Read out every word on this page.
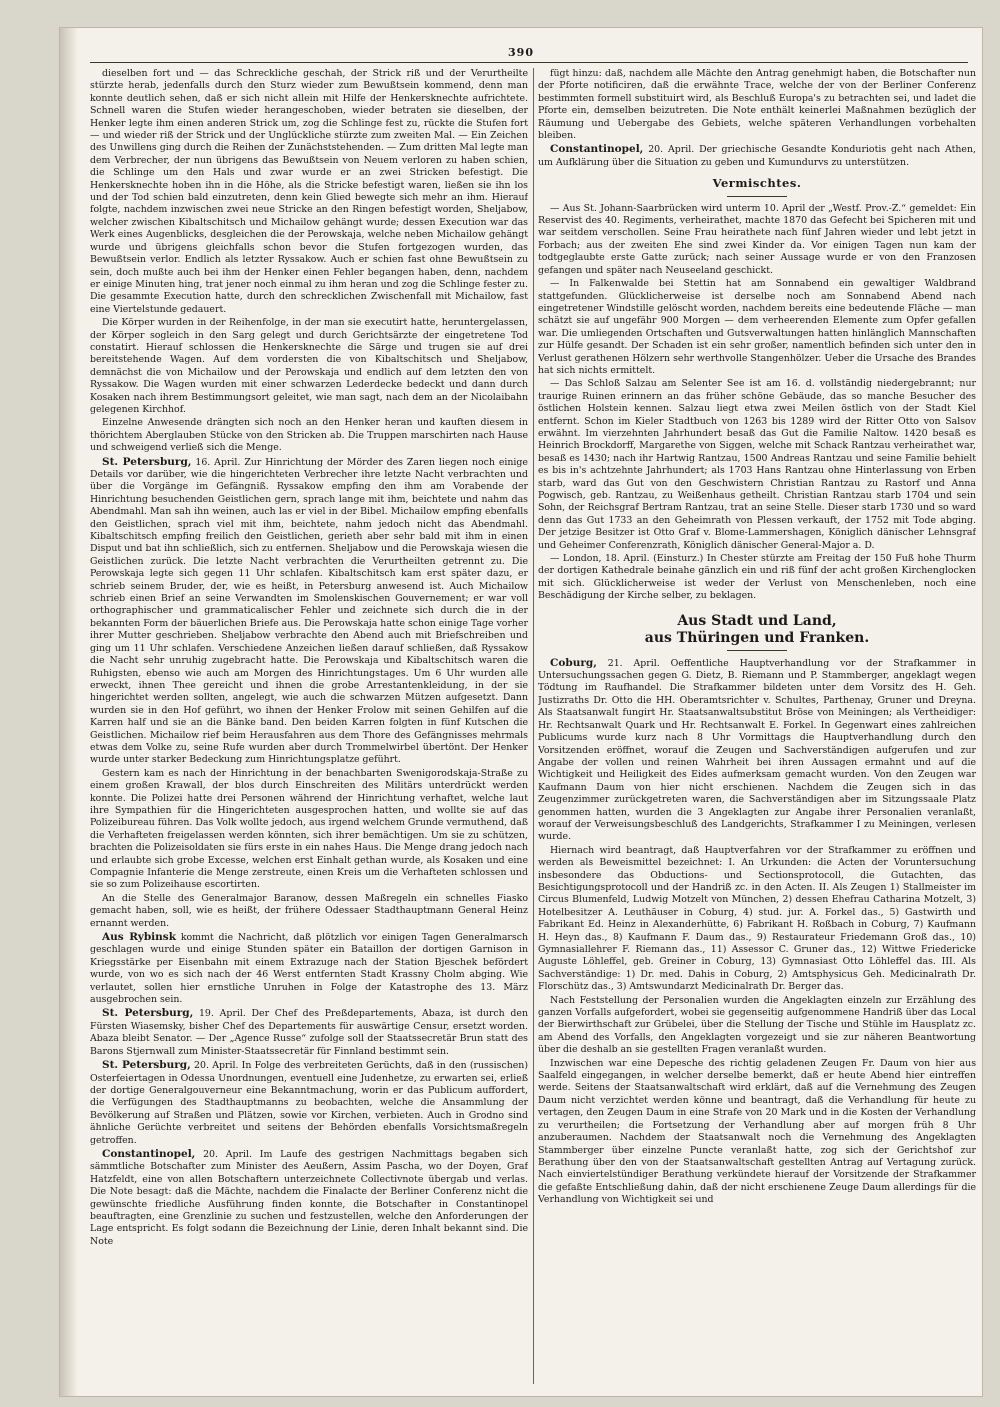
390

dieselben fort und — das Schreckliche geschah, der Strick riß und der Verurtheilte stürzte herab, jedenfalls durch den Sturz wieder zum Bewußtsein kommend, denn man konnte deutlich sehen, daß er sich nicht allein mit Hilfe der Henkersknechte aufrichtete. Schnell waren die Stufen wieder herangeschoben, wieder betraten sie dieselben, der Henker legte ihm einen anderen Strick um, zog die Schlinge fest zu, rückte die Stufen fort — und wieder riß der Strick und der Unglückliche stürzte zum zweiten Mal. — Ein Zeichen des Unwillens ging durch die Reihen der Zunächststehenden. — Zum dritten Mal legte man dem Verbrecher, der nun übrigens das Bewußtsein von Neuem verloren zu haben schien, die Schlinge um den Hals und zwar wurde er an zwei Stricken befestigt. Die Henkersknechte hoben ihn in die Höhe, als die Stricke befestigt waren, ließen sie ihn los und der Tod schien bald einzutreten, denn kein Glied bewegte sich mehr an ihm. Hierauf folgte, nachdem inzwischen zwei neue Stricke an den Ringen befestigt worden, Sheljabow, welcher zwischen Kibaltschitsch und Michailow gehängt wurde; dessen Execution war das Werk eines Augenblicks, desgleichen die der Perowskaja, welche neben Michailow gehängt wurde und übrigens gleichfalls schon bevor die Stufen fortgezogen wurden, das Bewußtsein verlor. Endlich als letzter Ryssakow. Auch er schien fast ohne Bewußtsein zu sein, doch mußte auch bei ihm der Henker einen Fehler begangen haben, denn, nachdem er einige Minuten hing, trat jener noch einmal zu ihm heran und zog die Schlinge fester zu. Die gesammte Execution hatte, durch den schrecklichen Zwischenfall mit Michailow, fast eine Viertelstunde gedauert.

Die Körper wurden in der Reihenfolge, in der man sie executirt hatte, heruntergelassen, der Körper sogleich in den Sarg gelegt und durch Gerichtsärzte der eingetretene Tod constatirt. Hierauf schlossen die Henkersknechte die Särge und trugen sie auf drei bereitstehende Wagen. Auf dem vordersten die von Kibaltschitsch und Sheljabow, demnächst die von Michailow und der Perowskaja und endlich auf dem letzten den von Ryssakow. Die Wagen wurden mit einer schwarzen Lederdecke bedeckt und dann durch Kosaken nach ihrem Bestimmungsort geleitet, wie man sagt, nach dem an der Nicolaibahn gelegenen Kirchhof.

Einzelne Anwesende drängten sich noch an den Henker heran und kauften diesem in thörichtem Aberglauben Stücke von den Stricken ab. Die Truppen marschirten nach Hause und schweigend verließ sich die Menge.

St. Petersburg, 16. April. Zur Hinrichtung der Mörder des Zaren liegen noch einige Details vor darüber, wie die hingerichteten Verbrecher ihre letzte Nacht verbrachten und über die Vorgänge im Gefängniß. Ryssakow empfing den ihm am Vorabende der Hinrichtung besuchenden Geistlichen gern, sprach lange mit ihm, beichtete und nahm das Abendmahl. Man sah ihn weinen, auch las er viel in der Bibel. Michailow empfing ebenfalls den Geistlichen, sprach viel mit ihm, beichtete, nahm jedoch nicht das Abendmahl. Kibaltschitsch empfing freilich den Geistlichen, gerieth aber sehr bald mit ihm in einen Disput und bat ihn schließlich, sich zu entfernen. Sheljabow und die Perowskaja wiesen die Geistlichen zurück. Die letzte Nacht verbrachten die Verurtheilten getrennt zu. Die Perowskaja legte sich gegen 11 Uhr schlafen. Kibaltschitsch kam erst später dazu, er schrieb seinem Bruder, der, wie es heißt, in Petersburg anwesend ist. Auch Michailow schrieb einen Brief an seine Verwandten im Smolenskischen Gouvernement; er war voll orthographischer und grammaticalischer Fehler und zeichnete sich durch die in der bekannten Form der bäuerlichen Briefe aus. Die Perowskaja hatte schon einige Tage vorher ihrer Mutter geschrieben. Sheljabow verbrachte den Abend auch mit Briefschreiben und ging um 11 Uhr schlafen. Verschiedene Anzeichen ließen darauf schließen, daß Ryssakow die Nacht sehr unruhig zugebracht hatte. Die Perowskaja und Kibaltschitsch waren die Ruhigsten, ebenso wie auch am Morgen des Hinrichtungstages. Um 6 Uhr wurden alle erweckt, ihnen Thee gereicht und ihnen die grobe Arrestantenkleidung, in der sie hingerichtet werden sollten, angelegt, wie auch die schwarzen Mützen aufgesetzt. Dann wurden sie in den Hof geführt, wo ihnen der Henker Frolow mit seinen Gehilfen auf die Karren half und sie an die Bänke band. Den beiden Karren folgten in fünf Kutschen die Geistlichen. Michailow rief beim Herausfahren aus dem Thore des Gefängnisses mehrmals etwas dem Volke zu, seine Rufe wurden aber durch Trommelwirbel übertönt. Der Henker wurde unter starker Bedeckung zum Hinrichtungsplatze geführt.

Gestern kam es nach der Hinrichtung in der benachbarten Swenigorodskaja-Straße zu einem großen Krawall, der blos durch Einschreiten des Militärs unterdrückt werden konnte. Die Polizei hatte drei Personen während der Hinrichtung verhaftet, welche laut ihre Sympathien für die Hingerichteten ausgesprochen hatten, und wollte sie auf das Polizeibureau führen. Das Volk wollte jedoch, aus irgend welchem Grunde vermuthend, daß die Verhafteten freigelassen werden könnten, sich ihrer bemächtigen. Um sie zu schützen, brachten die Polizeisoldaten sie fürs erste in ein nahes Haus. Die Menge drang jedoch nach und erlaubte sich grobe Excesse, welchen erst Einhalt gethan wurde, als Kosaken und eine Compagnie Infanterie die Menge zerstreute, einen Kreis um die Verhafteten schlossen und sie so zum Polizeihause escortirten.

An die Stelle des Generalmajor Baranow, dessen Maßregeln ein schnelles Fiasko gemacht haben, soll, wie es heißt, der frühere Odessaer Stadthauptmann General Heinz ernannt werden.

Aus Rybinsk kommt die Nachricht, daß plötzlich vor einigen Tagen Generalmarsch geschlagen wurde und einige Stunden später ein Bataillon der dortigen Garnison in Kriegsstärke per Eisenbahn mit einem Extrazuge nach der Station Bjeschek befördert wurde, von wo es sich nach der 46 Werst entfernten Stadt Krassny Cholm abging. Wie verlautet, sollen hier ernstliche Unruhen in Folge der Katastrophe des 13. März ausgebrochen sein.

St. Petersburg, 19. April. Der Chef des Preßdepartements, Abaza, ist durch den Fürsten Wiasemsky, bisher Chef des Departements für auswärtige Censur, ersetzt worden. Abaza bleibt Senator. — Der „Agence Russe“ zufolge soll der Staatssecretär Brun statt des Barons Stjernwall zum Minister-Staatssecretär für Finnland bestimmt sein.

St. Petersburg, 20. April. In Folge des verbreiteten Gerüchts, daß in den (russischen) Osterfeiertagen in Odessa Unordnungen, eventuell eine Judenhetze, zu erwarten sei, erließ der dortige Generalgouverneur eine Bekanntmachung, worin er das Publicum auffordert, die Verfügungen des Stadthauptmanns zu beobachten, welche die Ansammlung der Bevölkerung auf Straßen und Plätzen, sowie vor Kirchen, verbieten. Auch in Grodno sind ähnliche Gerüchte verbreitet und seitens der Behörden ebenfalls Vorsichtsmaßregeln getroffen.

Constantinopel, 20. April. Im Laufe des gestrigen Nachmittags begaben sich sämmtliche Botschafter zum Minister des Aeußern, Assim Pascha, wo der Doyen, Graf Hatzfeldt, eine von allen Botschaftern unterzeichnete Collectivnote übergab und verlas. Die Note besagt: daß die Mächte, nachdem die Finalacte der Berliner Conferenz nicht die gewünschte friedliche Ausführung finden konnte, die Botschafter in Constantinopel beauftragten, eine Grenzlinie zu suchen und festzustellen, welche den Anforderungen der Lage entspricht. Es folgt sodann die Bezeichnung der Linie, deren Inhalt bekannt sind. Die Note

fügt hinzu: daß, nachdem alle Mächte den Antrag genehmigt haben, die Botschafter nun der Pforte notificiren, daß die erwähnte Trace, welche der von der Berliner Conferenz bestimmten formell substituirt wird, als Beschluß Europa's zu betrachten sei, und ladet die Pforte ein, demselben beizutreten. Die Note enthält keinerlei Maßnahmen bezüglich der Räumung und Uebergabe des Gebiets, welche späteren Verhandlungen vorbehalten bleiben.

Constantinopel, 20. April. Der griechische Gesandte Konduriotis geht nach Athen, um Aufklärung über die Situation zu geben und Kumundurvs zu unterstützen.

Vermischtes.

— Aus St. Johann-Saarbrücken wird unterm 10. April der „Westf. Prov.-Z.“ gemeldet: Ein Reservist des 40. Regiments, verheirathet, machte 1870 das Gefecht bei Spicheren mit und war seitdem verschollen. Seine Frau heirathete nach fünf Jahren wieder und lebt jetzt in Forbach; aus der zweiten Ehe sind zwei Kinder da. Vor einigen Tagen nun kam der todtgeglaubte erste Gatte zurück; nach seiner Aussage wurde er von den Franzosen gefangen und später nach Neuseeland geschickt.

— In Falkenwalde bei Stettin hat am Sonnabend ein gewaltiger Waldbrand stattgefunden. Glücklicherweise ist derselbe noch am Sonnabend Abend nach eingetretener Windstille gelöscht worden, nachdem bereits eine bedeutende Fläche — man schätzt sie auf ungefähr 900 Morgen — dem verheerenden Elemente zum Opfer gefallen war. Die umliegenden Ortschaften und Gutsverwaltungen hatten hinlänglich Mannschaften zur Hülfe gesandt. Der Schaden ist ein sehr großer, namentlich befinden sich unter den in Verlust gerathenen Hölzern sehr werthvolle Stangenhölzer. Ueber die Ursache des Brandes hat sich nichts ermittelt.

— Das Schloß Salzau am Selenter See ist am 16. d. vollständig niedergebrannt; nur traurige Ruinen erinnern an das früher schöne Gebäude, das so manche Besucher des östlichen Holstein kennen. Salzau liegt etwa zwei Meilen östlich von der Stadt Kiel entfernt. Schon im Kieler Stadtbuch von 1263 bis 1289 wird der Ritter Otto von Salsov erwähnt. Im vierzehnten Jahrhundert besaß das Gut die Familie Naltow. 1420 besaß es Heinrich Brockdorff, Margarethe von Siggen, welche mit Schack Rantzau verheirathet war, besaß es 1430; nach ihr Hartwig Rantzau, 1500 Andreas Rantzau und seine Familie behielt es bis in's achtzehnte Jahrhundert; als 1703 Hans Rantzau ohne Hinterlassung von Erben starb, ward das Gut von den Geschwistern Christian Rantzau zu Rastorf und Anna Pogwisch, geb. Rantzau, zu Weißenhaus getheilt. Christian Rantzau starb 1704 und sein Sohn, der Reichsgraf Bertram Rantzau, trat an seine Stelle. Dieser starb 1730 und so ward denn das Gut 1733 an den Geheimrath von Plessen verkauft, der 1752 mit Tode abging. Der jetzige Besitzer ist Otto Graf v. Blome-Lammershagen, Königlich dänischer Lehnsgraf und Geheimer Conferenzrath, Königlich dänischer General-Major a. D.

— London, 18. April. (Einsturz.) In Chester stürzte am Freitag der 150 Fuß hohe Thurm der dortigen Kathedrale beinahe gänzlich ein und riß fünf der acht großen Kirchenglocken mit sich. Glücklicherweise ist weder der Verlust von Menschenleben, noch eine Beschädigung der Kirche selber, zu beklagen.

Aus Stadt und Land,
aus Thüringen und Franken.

Coburg, 21. April. Oeffentliche Hauptverhandlung vor der Strafkammer in Untersuchungssachen gegen G. Dietz, B. Riemann und P. Stammberger, angeklagt wegen Tödtung im Raufhandel. Die Strafkammer bildeten unter dem Vorsitz des H. Geh. Justizraths Dr. Otto die HH. Oberamtsrichter v. Schultes, Parthenay, Gruner und Dreyna. Als Staatsanwalt fungirt Hr. Staatsanwaltsubstitut Bröse von Meiningen; als Vertheidiger: Hr. Rechtsanwalt Quark und Hr. Rechtsanwalt E. Forkel. In Gegenwart eines zahlreichen Publicums wurde kurz nach 8 Uhr Vormittags die Hauptverhandlung durch den Vorsitzenden eröffnet, worauf die Zeugen und Sachverständigen aufgerufen und zur Angabe der vollen und reinen Wahrheit bei ihren Aussagen ermahnt und auf die Wichtigkeit und Heiligkeit des Eides aufmerksam gemacht wurden. Von den Zeugen war Kaufmann Daum von hier nicht erschienen. Nachdem die Zeugen sich in das Zeugenzimmer zurückgetreten waren, die Sachverständigen aber im Sitzungssaale Platz genommen hatten, wurden die 3 Angeklagten zur Angabe ihrer Personalien veranlaßt, worauf der Verweisungsbeschluß des Landgerichts, Strafkammer I zu Meiningen, verlesen wurde.

Hiernach wird beantragt, daß Hauptverfahren vor der Strafkammer zu eröffnen und werden als Beweismittel bezeichnet: I. An Urkunden: die Acten der Voruntersuchung insbesondere das Obductions- und Sectionsprotocoll, die Gutachten, das Besichtigungsprotocoll und der Handriß zc. in den Acten. II. Als Zeugen 1) Stallmeister im Circus Blumenfeld, Ludwig Motzelt von München, 2) dessen Ehefrau Catharina Motzelt, 3) Hotelbesitzer A. Leuthäuser in Coburg, 4) stud. jur. A. Forkel das., 5) Gastwirth und Fabrikant Ed. Heinz in Alexanderhütte, 6) Fabrikant H. Roßbach in Coburg, 7) Kaufmann H. Heyn das., 8) Kaufmann F. Daum das., 9) Restaurateur Friedemann Groß das., 10) Gymnasiallehrer F. Riemann das., 11) Assessor C. Gruner das., 12) Wittwe Friedericke Auguste Löhleffel, geb. Greiner in Coburg, 13) Gymnasiast Otto Löhleffel das. III. Als Sachverständige: 1) Dr. med. Dahis in Coburg, 2) Amtsphysicus Geh. Medicinalrath Dr. Florschütz das., 3) Amtswundarzt Medicinalrath Dr. Berger das.

Nach Feststellung der Personalien wurden die Angeklagten einzeln zur Erzählung des ganzen Vorfalls aufgefordert, wobei sie gegenseitig aufgenommene Handriß über das Local der Bierwirthschaft zur Grübelei, über die Stellung der Tische und Stühle im Hausplatz zc. am Abend des Vorfalls, den Angeklagten vorgezeigt und sie zur näheren Beantwortung über die deshalb an sie gestellten Fragen veranlaßt wurden.

Inzwischen war eine Depesche des richtig geladenen Zeugen Fr. Daum von hier aus Saalfeld eingegangen, in welcher derselbe bemerkt, daß er heute Abend hier eintreffen werde. Seitens der Staatsanwaltschaft wird erklärt, daß auf die Vernehmung des Zeugen Daum nicht verzichtet werden könne und beantragt, daß die Verhandlung für heute zu vertagen, den Zeugen Daum in eine Strafe von 20 Mark und in die Kosten der Verhandlung zu verurtheilen; die Fortsetzung der Verhandlung aber auf morgen früh 8 Uhr anzuberaumen. Nachdem der Staatsanwalt noch die Vernehmung des Angeklagten Stammberger über einzelne Puncte veranlaßt hatte, zog sich der Gerichtshof zur Berathung über den von der Staatsanwaltschaft gestellten Antrag auf Vertagung zurück. Nach einviertelstündiger Berathung verkündete hierauf der Vorsitzende der Strafkammer die gefaßte Entschließung dahin, daß der nicht erschienene Zeuge Daum allerdings für die Verhandlung von Wichtigkeit sei und
